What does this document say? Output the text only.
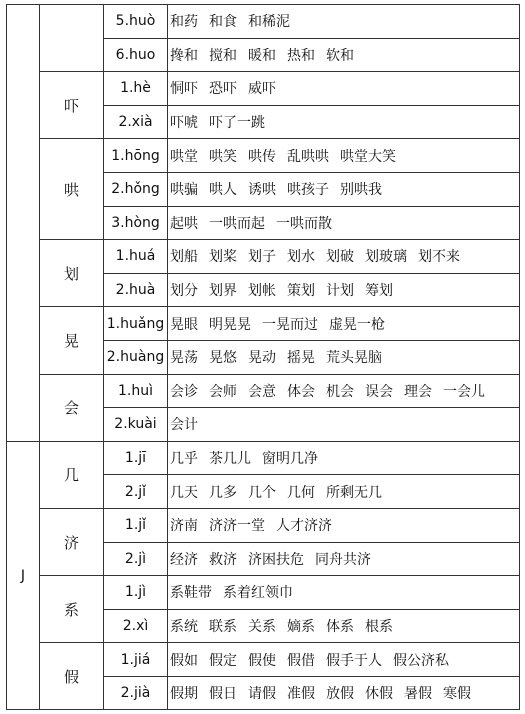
		5.huò	和药 和食 和稀泥
		6.huo	搀和 搅和 暖和 热和 软和
	吓	1.hè	恫吓 恐吓 威吓
		2.xià	吓唬 吓了一跳
	哄	1.hōng	哄堂 哄笑 哄传 乱哄哄 哄堂大笑
		2.hǒng	哄骗 哄人 诱哄 哄孩子 别哄我
		3.hòng	起哄 一哄而起 一哄而散
	划	1.huá	划船 划桨 划子 划水 划破 划玻璃 划不来
		2.huà	划分 划界 划帐 策划 计划 筹划
	晃	1.huǎng	晃眼 明晃晃 一晃而过 虚晃一枪
		2.huàng	晃荡 晃悠 晃动 摇晃 荒头晃脑
	会	1.huì	会诊 会师 会意 体会 机会 误会 理会 一会儿
		2.kuài	会计
J	几	1.jī	几乎 茶几儿 窗明几净
		2.jǐ	几天 几多 几个 几何 所剩无几
	济	1.jǐ	济南 济济一堂 人才济济
		2.jì	经济 救济 济困扶危 同舟共济
	系	1.jì	系鞋带 系着红领巾
		2.xì	系统 联系 关系 嫡系 体系 根系
	假	1.jiá	假如 假定 假使 假借 假手于人 假公济私
		2.jià	假期 假日 请假 准假 放假 休假 暑假 寒假
